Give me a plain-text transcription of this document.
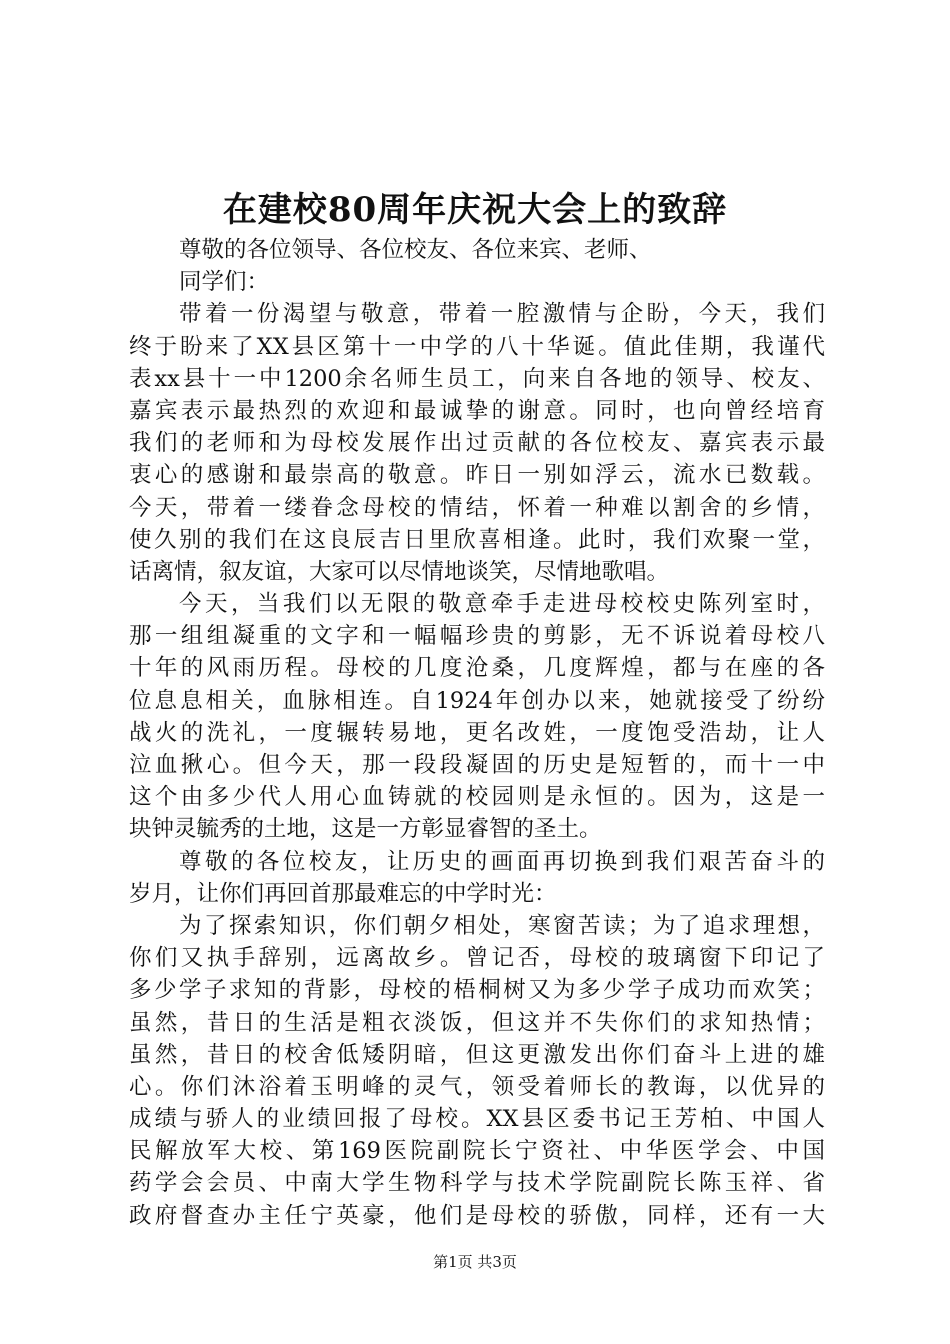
在建校80周年庆祝大会上的致辞
尊敬的各位领导、各位校友、各位来宾、老师、
同学们：
带着一份渴望与敬意，带着一腔激情与企盼，今天，我们
终于盼来了XX县区第十一中学的八十华诞。值此佳期，我谨代
表xx县十一中1200余名师生员工，向来自各地的领导、校友、
嘉宾表示最热烈的欢迎和最诚挚的谢意。同时，也向曾经培育
我们的老师和为母校发展作出过贡献的各位校友、嘉宾表示最
衷心的感谢和最崇高的敬意。昨日一别如浮云，流水已数载。
今天，带着一缕眷念母校的情结，怀着一种难以割舍的乡情，
使久别的我们在这良辰吉日里欣喜相逢。此时，我们欢聚一堂，
话离情，叙友谊，大家可以尽情地谈笑，尽情地歌唱。
今天，当我们以无限的敬意牵手走进母校校史陈列室时，
那一组组凝重的文字和一幅幅珍贵的剪影，无不诉说着母校八
十年的风雨历程。母校的几度沧桑，几度辉煌，都与在座的各
位息息相关，血脉相连。自1924年创办以来，她就接受了纷纷
战火的洗礼，一度辗转易地，更名改姓，一度饱受浩劫，让人
泣血揪心。但今天，那一段段凝固的历史是短暂的，而十一中
这个由多少代人用心血铸就的校园则是永恒的。因为，这是一
块钟灵毓秀的土地，这是一方彰显睿智的圣土。
尊敬的各位校友，让历史的画面再切换到我们艰苦奋斗的
岁月，让你们再回首那最难忘的中学时光：
为了探索知识，你们朝夕相处，寒窗苦读；为了追求理想，
你们又执手辞别，远离故乡。曾记否，母校的玻璃窗下印记了
多少学子求知的背影，母校的梧桐树又为多少学子成功而欢笑；
虽然，昔日的生活是粗衣淡饭，但这并不失你们的求知热情；
虽然，昔日的校舍低矮阴暗，但这更激发出你们奋斗上进的雄
心。你们沐浴着玉明峰的灵气，领受着师长的教诲，以优异的
成绩与骄人的业绩回报了母校。XX县区委书记王芳柏、中国人
民解放军大校、第169医院副院长宁资社、中华医学会、中国
药学会会员、中南大学生物科学与技术学院副院长陈玉祥、省
政府督查办主任宁英豪，他们是母校的骄傲，同样，还有一大
第1页 共3页
